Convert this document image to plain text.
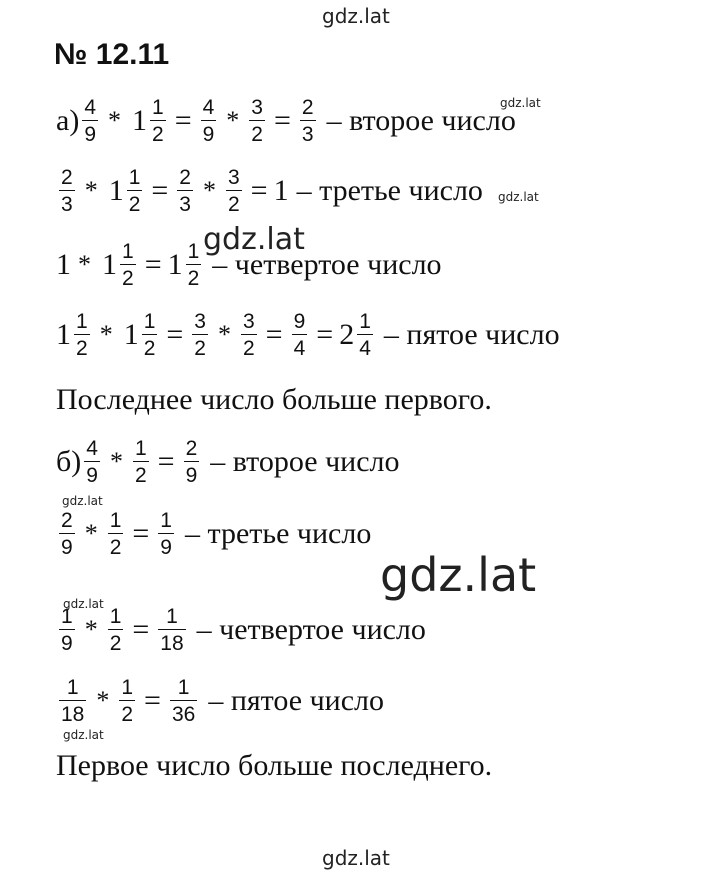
gdz.lat
gdz.lat
gdz.lat
gdz.lat
gdz.lat
gdz.lat
gdz.lat
gdz.lat
gdz.lat
№ 12.11
$а) \frac{4}{9} * 1 \frac{1}{2} = \frac{4}{9} * \frac{3}{2} = \frac{2}{3}$ – второе число
$\frac{2}{3} * 1 \frac{1}{2} = \frac{2}{3} * \frac{3}{2} = 1$ – третье число
$1 * 1 \frac{1}{2} = 1 \frac{1}{2}$ – четвертое число
$1 \frac{1}{2} * 1 \frac{1}{2} = \frac{3}{2} * \frac{3}{2} = \frac{9}{4} = 2 \frac{1}{4}$ – пятое число
Последнее число больше первого.
$б) \frac{4}{9} * \frac{1}{2} = \frac{2}{9}$ – второе число
$\frac{2}{9} * \frac{1}{2} = \frac{1}{9}$ – третье число
$\frac{1}{9} * \frac{1}{2} = \frac{1}{18}$ – четвертое число
$\frac{1}{18} * \frac{1}{2} = \frac{1}{36}$ – пятое число
Первое число больше последнего.
